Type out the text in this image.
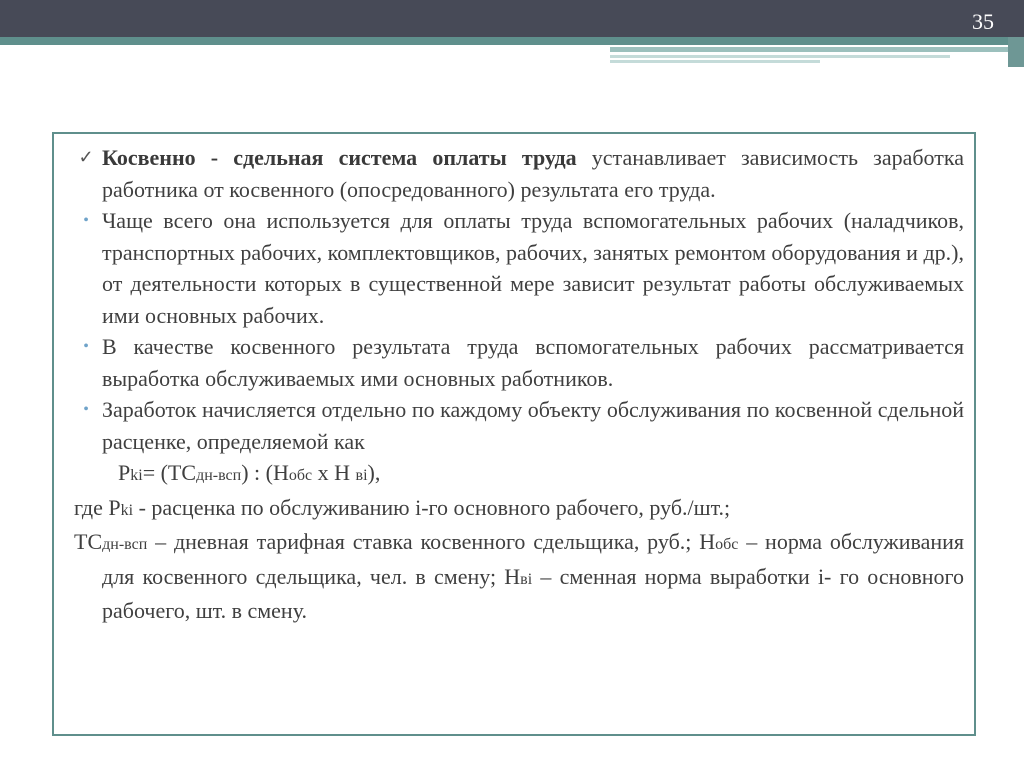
35

✓ Косвенно - сдельная система оплаты труда устанавливает зависимость заработка работника от косвенного (опосредованного) результата его труда.

• Чаще всего она используется для оплаты труда вспомогательных рабочих (наладчиков, транспортных рабочих, комплектовщиков, рабочих, занятых ремонтом оборудования и др.), от деятельности которых в существенной мере зависит результат работы обслуживаемых ими основных рабочих.

• В качестве косвенного результата труда вспомогательных рабочих рассматривается выработка обслуживаемых ими основных работников.

• Заработок начисляется отдельно по каждому объекту обслуживания по косвенной сдельной расценке, определяемой как

Pki= (ТСдн-всп) : (Нобс х Н вi),

где Рki - расценка по обслуживанию i-го основного рабочего, руб./шт.;

ТСдн-всп – дневная тарифная ставка косвенного сдельщика, руб.; Нобс – норма обслуживания для косвенного сдельщика, чел. в смену; Нвi – сменная норма выработки i- го основного рабочего, шт. в смену.
